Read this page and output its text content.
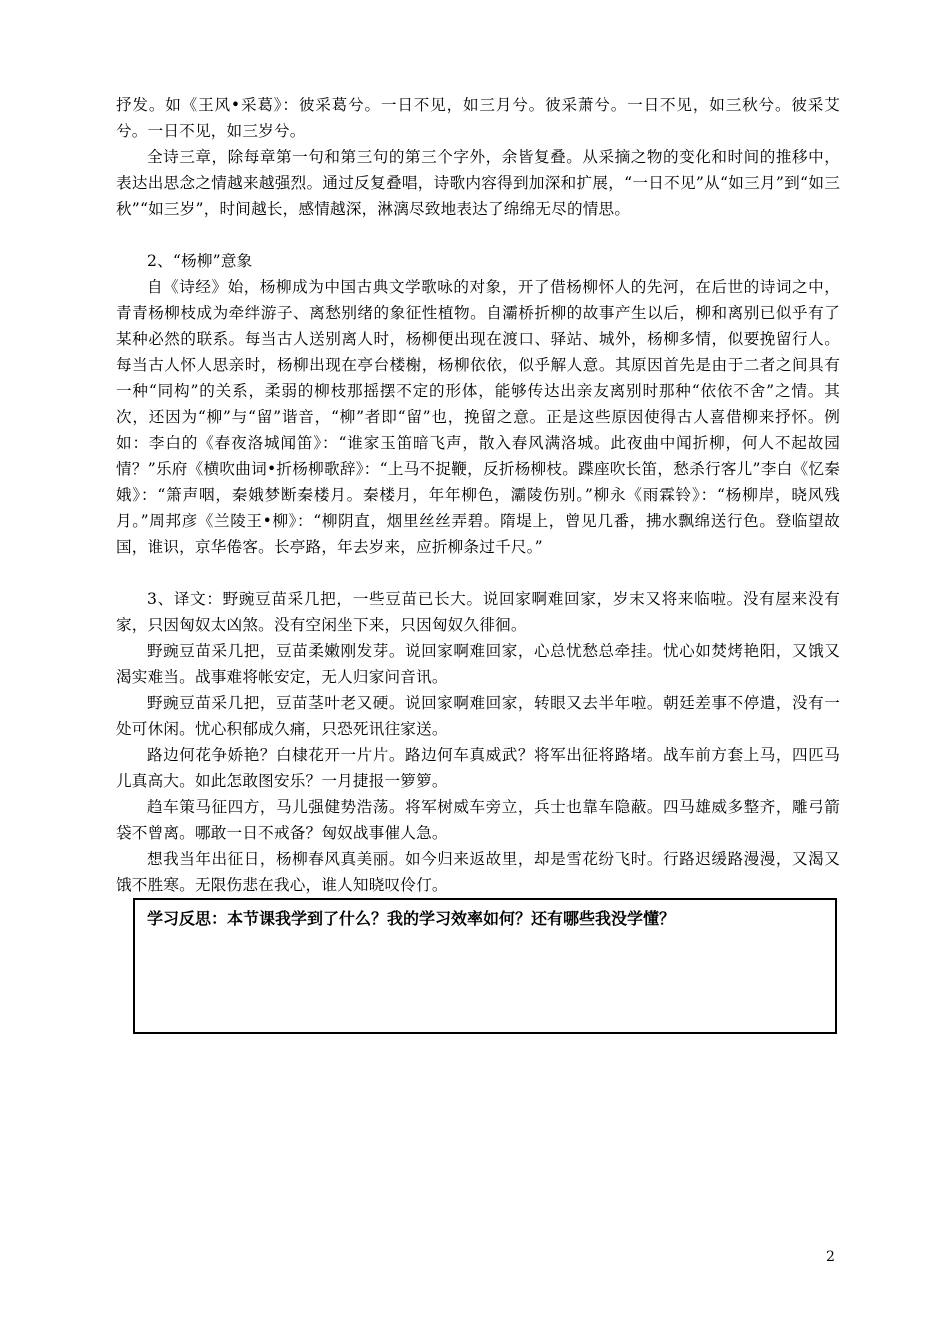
抒发。如《王风•采葛》：彼采葛兮。一日不见，如三月兮。彼采萧兮。一日不见，如三秋兮。彼采艾兮。一日不见，如三岁兮。

全诗三章，除每章第一句和第三句的第三个字外，余皆复叠。从采摘之物的变化和时间的推移中，表达出思念之情越来越强烈。通过反复叠唱，诗歌内容得到加深和扩展，“一日不见”从“如三月”到“如三秋”“如三岁”，时间越长，感情越深，淋漓尽致地表达了绵绵无尽的情思。

2、“杨柳”意象

自《诗经》始，杨柳成为中国古典文学歌咏的对象，开了借杨柳怀人的先河，在后世的诗词之中，青青杨柳枝成为牵绊游子、离愁别绪的象征性植物。自灞桥折柳的故事产生以后，柳和离别已似乎有了某种必然的联系。每当古人送别离人时，杨柳便出现在渡口、驿站、城外，杨柳多情，似要挽留行人。每当古人怀人思亲时，杨柳出现在亭台楼榭，杨柳依依，似乎解人意。其原因首先是由于二者之间具有一种“同构”的关系，柔弱的柳枝那摇摆不定的形体，能够传达出亲友离别时那种“依依不舍”之情。其次，还因为“柳”与“留”谐音，“柳”者即“留”也，挽留之意。正是这些原因使得古人喜借柳来抒怀。例如：李白的《春夜洛城闻笛》：“谁家玉笛暗飞声，散入春风满洛城。此夜曲中闻折柳，何人不起故园情？”乐府《横吹曲词•折杨柳歌辞》：“上马不捉鞭，反折杨柳枝。蹀座吹长笛，愁杀行客儿”李白《忆秦娥》：“箫声咽，秦娥梦断秦楼月。秦楼月，年年柳色，灞陵伤别。”柳永《雨霖铃》：“杨柳岸，晓风残月。”周邦彦《兰陵王•柳》：“柳阴直，烟里丝丝弄碧。隋堤上，曾见几番，拂水飘绵送行色。登临望故国，谁识，京华倦客。长亭路，年去岁来，应折柳条过千尺。”

3、译文：野豌豆苗采几把，一些豆苗已长大。说回家啊难回家，岁末又将来临啦。没有屋来没有家，只因匈奴太凶煞。没有空闲坐下来，只因匈奴久徘徊。

野豌豆苗采几把，豆苗柔嫩刚发芽。说回家啊难回家，心总忧愁总牵挂。忧心如焚烤艳阳，又饿又渴实难当。战事难将帐安定，无人归家问音讯。

野豌豆苗采几把，豆苗茎叶老又硬。说回家啊难回家，转眼又去半年啦。朝廷差事不停遣，没有一处可休闲。忧心积郁成久痛，只恐死讯往家送。

路边何花争娇艳？白棣花开一片片。路边何车真威武？将军出征将路堵。战车前方套上马，四匹马儿真高大。如此怎敢图安乐？一月捷报一箩箩。

趋车策马征四方，马儿强健势浩荡。将军树威车旁立，兵士也靠车隐蔽。四马雄威多整齐，雕弓箭袋不曾离。哪敢一日不戒备？匈奴战事催人急。

想我当年出征日，杨柳春风真美丽。如今归来返故里，却是雪花纷飞时。行路迟缓路漫漫，又渴又饿不胜寒。无限伤悲在我心，谁人知晓叹伶仃。

学习反思：本节课我学到了什么？我的学习效率如何？还有哪些我没学懂？
2
